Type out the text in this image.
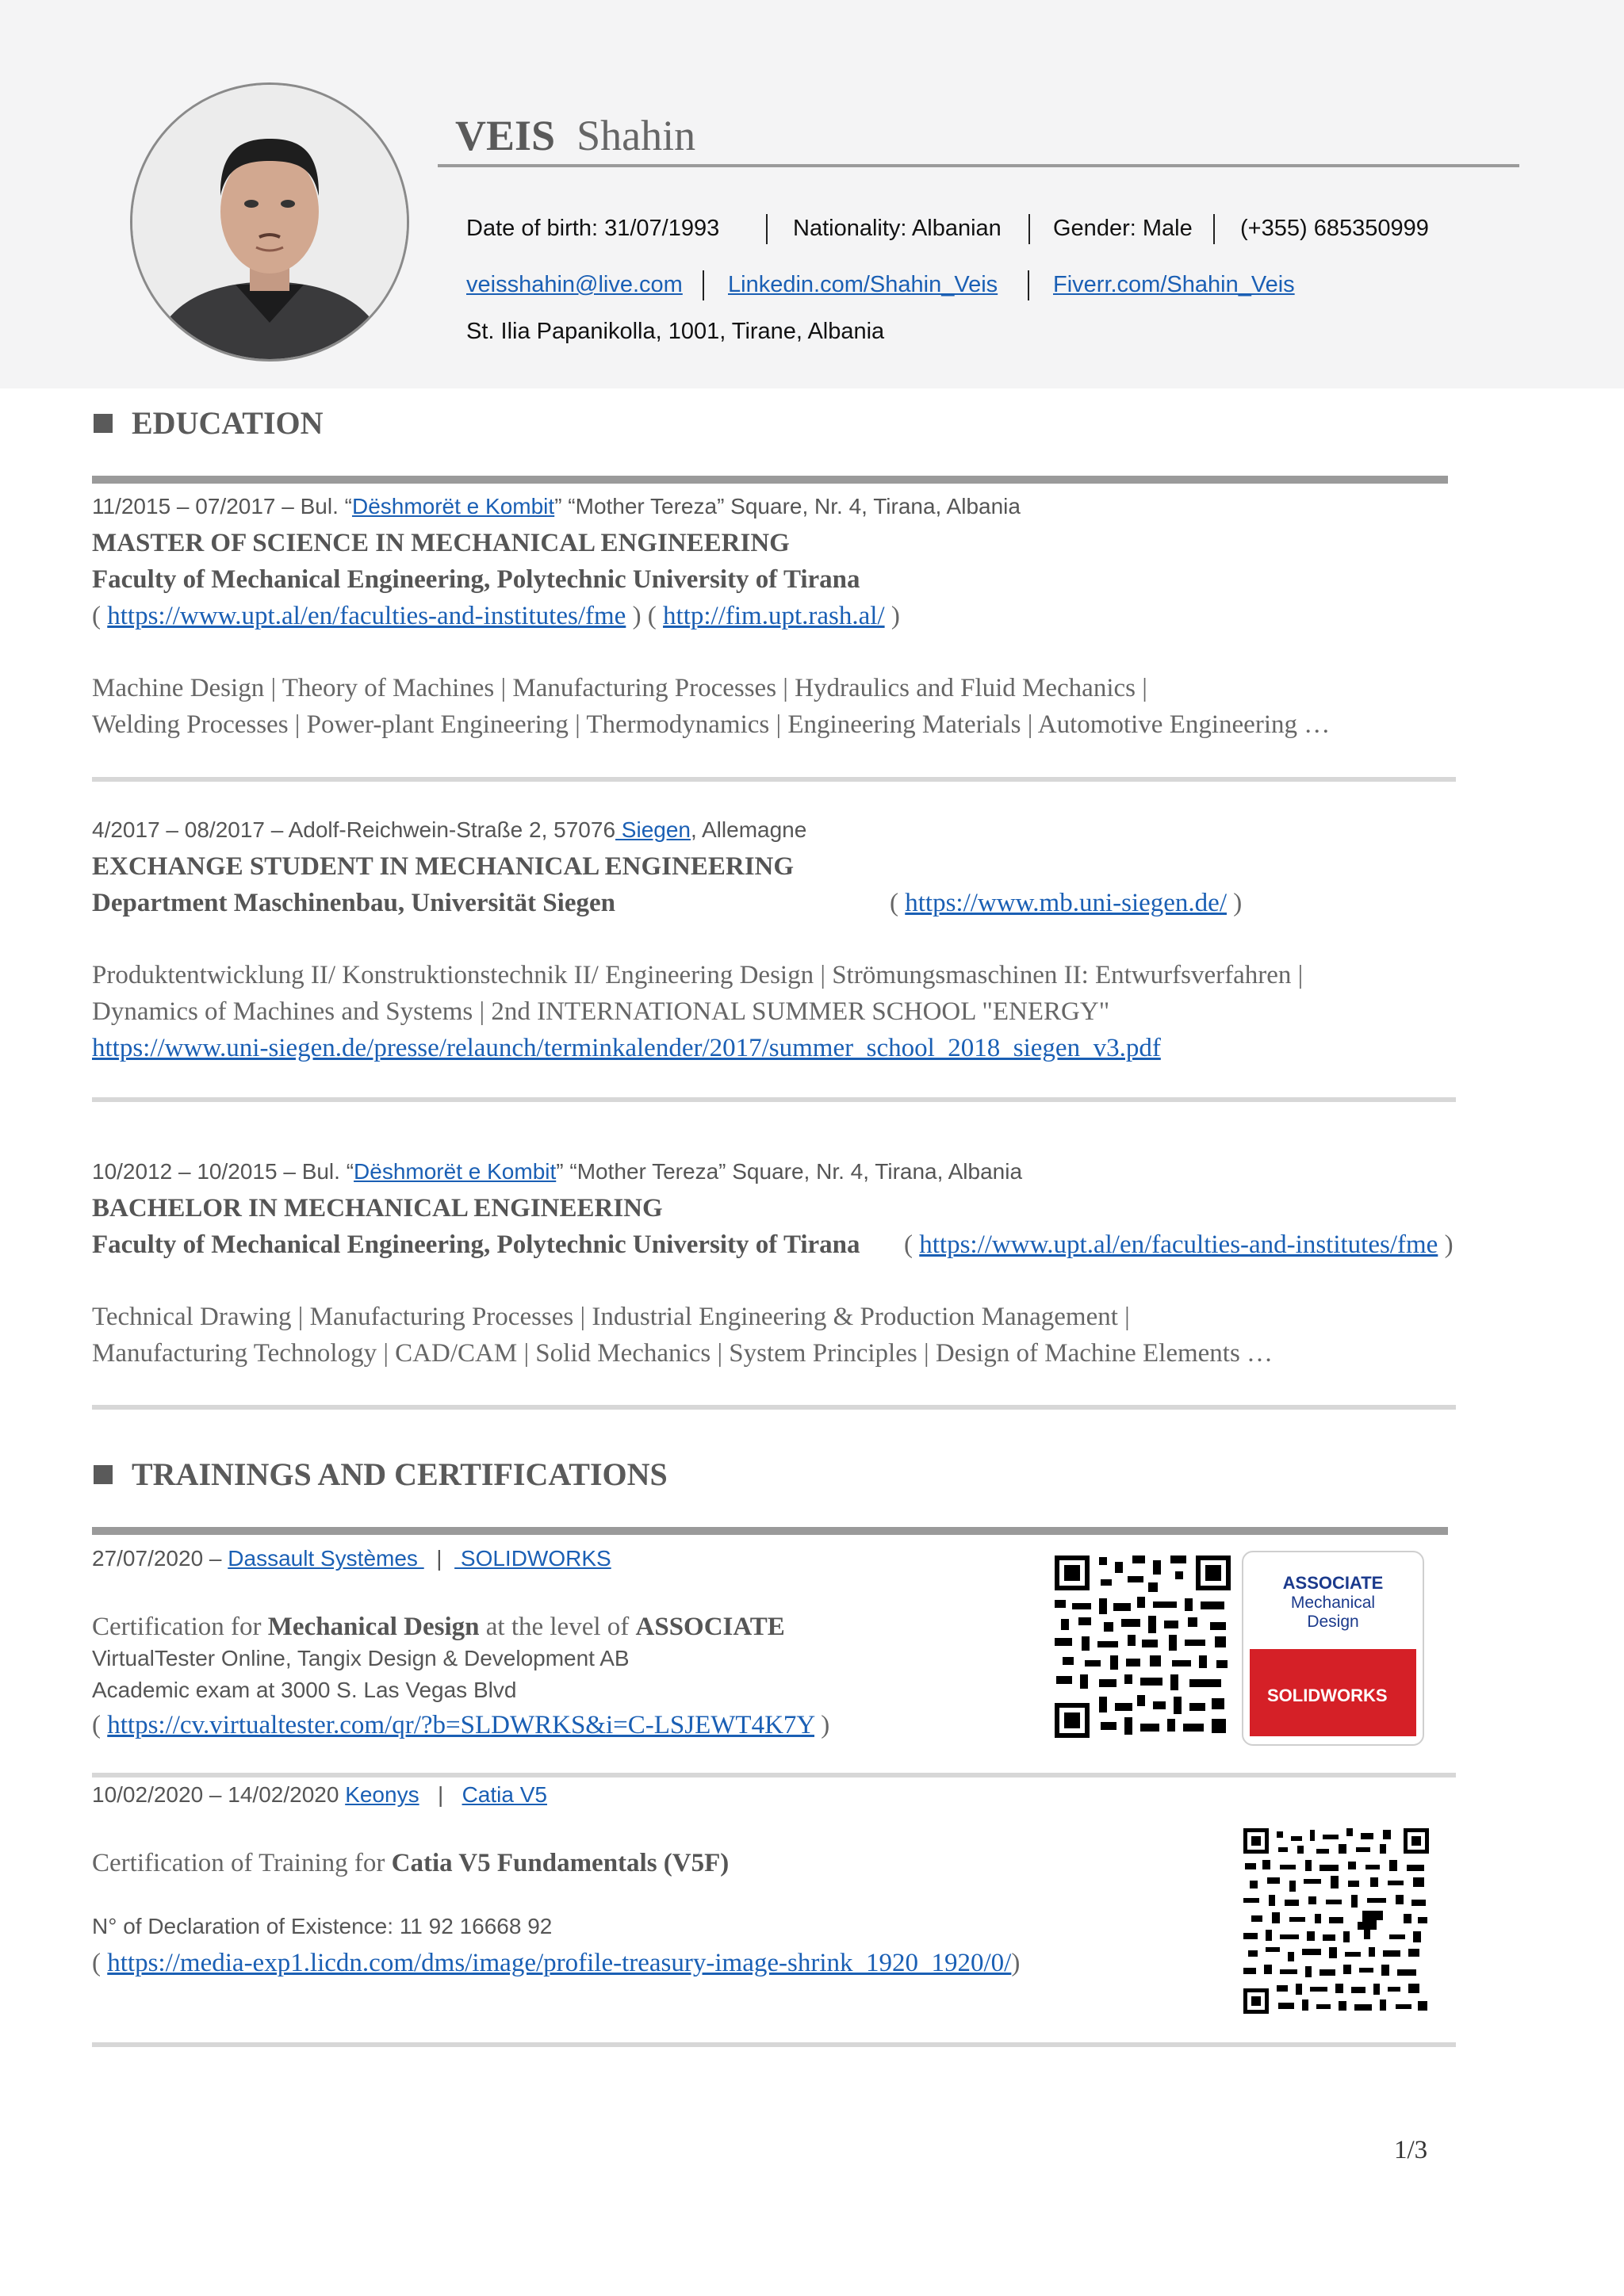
VEIS Shahin
Date of birth: 31/07/1993	Nationality: Albanian Gender: Male (+355) 685350999
veisshahin@live.com Linkedin.com/Shahin_Veis Fiverr.com/Shahin_Veis
St. Ilia Papanikolla, 1001, Tirane, Albania
EDUCATION
11/2015 – 07/2017 – Bul. “Dëshmorët e Kombit” “Mother Tereza” Square, Nr. 4, Tirana, Albania
MASTER OF SCIENCE IN MECHANICAL ENGINEERING
Faculty of Mechanical Engineering, Polytechnic University of Tirana
( https://www.upt.al/en/faculties-and-institutes/fme ) ( http://fim.upt.rash.al/ )
Machine Design | Theory of Machines | Manufacturing Processes | Hydraulics and Fluid Mechanics |
Welding Processes | Power-plant Engineering | Thermodynamics | Engineering Materials | Automotive Engineering …
4/2017 – 08/2017 – Adolf-Reichwein-Straße 2, 57076 Siegen, Allemagne
EXCHANGE STUDENT IN MECHANICAL ENGINEERING
Department Maschinenbau, Universität Siegen	( https://www.mb.uni-siegen.de/ )
Produktentwicklung II/ Konstruktionstechnik II/ Engineering Design | Strömungsmaschinen II: Entwurfsverfahren |
Dynamics of Machines and Systems | 2nd INTERNATIONAL SUMMER SCHOOL "ENERGY"
https://www.uni-siegen.de/presse/relaunch/terminkalender/2017/summer_school_2018_siegen_v3.pdf
10/2012 – 10/2015 – Bul. “Dëshmorët e Kombit” “Mother Tereza” Square, Nr. 4, Tirana, Albania
BACHELOR IN MECHANICAL ENGINEERING
Faculty of Mechanical Engineering, Polytechnic University of Tirana ( https://www.upt.al/en/faculties-and-institutes/fme )
Technical Drawing | Manufacturing Processes | Industrial Engineering & Production Management |
Manufacturing Technology | CAD/CAM | Solid Mechanics | System Principles | Design of Machine Elements …
TRAININGS AND CERTIFICATIONS
27/07/2020 – Dassault Systèmes   |   SOLIDWORKS
Certification for Mechanical Design at the level of ASSOCIATE
VirtualTester Online, Tangix Design & Development AB
Academic exam at 3000 S. Las Vegas Blvd
( https://cv.virtualtester.com/qr/?b=SLDWRKS&i=C-LSJEWT4K7Y )
ASSOCIATE
Mechanical
Design
SOLIDWORKS
10/02/2020 – 14/02/2020 Keonys | Catia V5
Certification of Training for Catia V5 Fundamentals (V5F)
N° of Declaration of Existence: 11 92 16668 92
( https://media-exp1.licdn.com/dms/image/profile-treasury-image-shrink_1920_1920/0/)
1/3
